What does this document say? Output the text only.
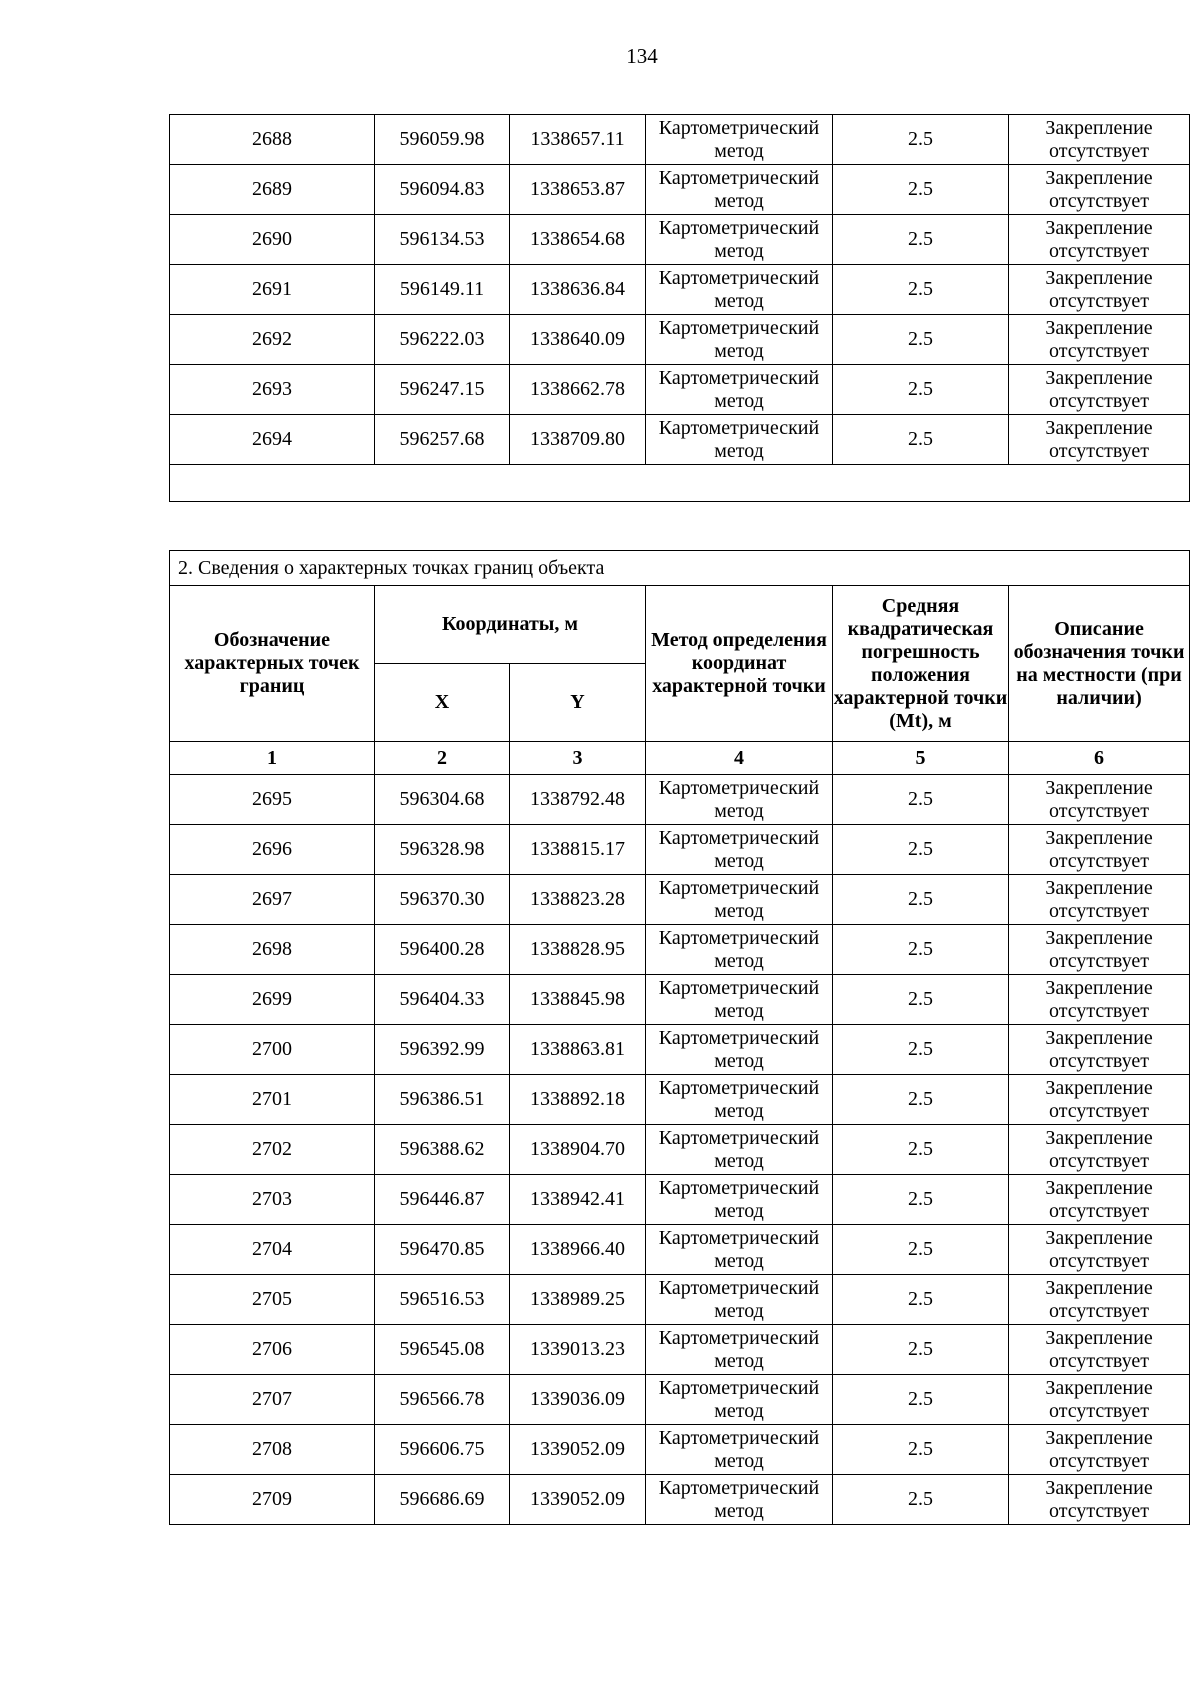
134
2688	596059.98	1338657.11	Картометрический метод	2.5	Закрепление отсутствует
2689	596094.83	1338653.87	Картометрический метод	2.5	Закрепление отсутствует
2690	596134.53	1338654.68	Картометрический метод	2.5	Закрепление отсутствует
2691	596149.11	1338636.84	Картометрический метод	2.5	Закрепление отсутствует
2692	596222.03	1338640.09	Картометрический метод	2.5	Закрепление отсутствует
2693	596247.15	1338662.78	Картометрический метод	2.5	Закрепление отсутствует
2694	596257.68	1338709.80	Картометрический метод	2.5	Закрепление отсутствует

2. Сведения о характерных точках границ объекта					
Обозначение характерных точек границ	Координаты, м		Метод определения координат характерной точки	Средняя квадратическая погрешность положения характерной точки (Mt), м	Описание обозначения точки на местности (при наличии)
	X	Y			
1	2	3	4	5	6
2695	596304.68	1338792.48	Картометрический метод	2.5	Закрепление отсутствует
2696	596328.98	1338815.17	Картометрический метод	2.5	Закрепление отсутствует
2697	596370.30	1338823.28	Картометрический метод	2.5	Закрепление отсутствует
2698	596400.28	1338828.95	Картометрический метод	2.5	Закрепление отсутствует
2699	596404.33	1338845.98	Картометрический метод	2.5	Закрепление отсутствует
2700	596392.99	1338863.81	Картометрический метод	2.5	Закрепление отсутствует
2701	596386.51	1338892.18	Картометрический метод	2.5	Закрепление отсутствует
2702	596388.62	1338904.70	Картометрический метод	2.5	Закрепление отсутствует
2703	596446.87	1338942.41	Картометрический метод	2.5	Закрепление отсутствует
2704	596470.85	1338966.40	Картометрический метод	2.5	Закрепление отсутствует
2705	596516.53	1338989.25	Картометрический метод	2.5	Закрепление отсутствует
2706	596545.08	1339013.23	Картометрический метод	2.5	Закрепление отсутствует
2707	596566.78	1339036.09	Картометрический метод	2.5	Закрепление отсутствует
2708	596606.75	1339052.09	Картометрический метод	2.5	Закрепление отсутствует
2709	596686.69	1339052.09	Картометрический метод	2.5	Закрепление отсутствует
